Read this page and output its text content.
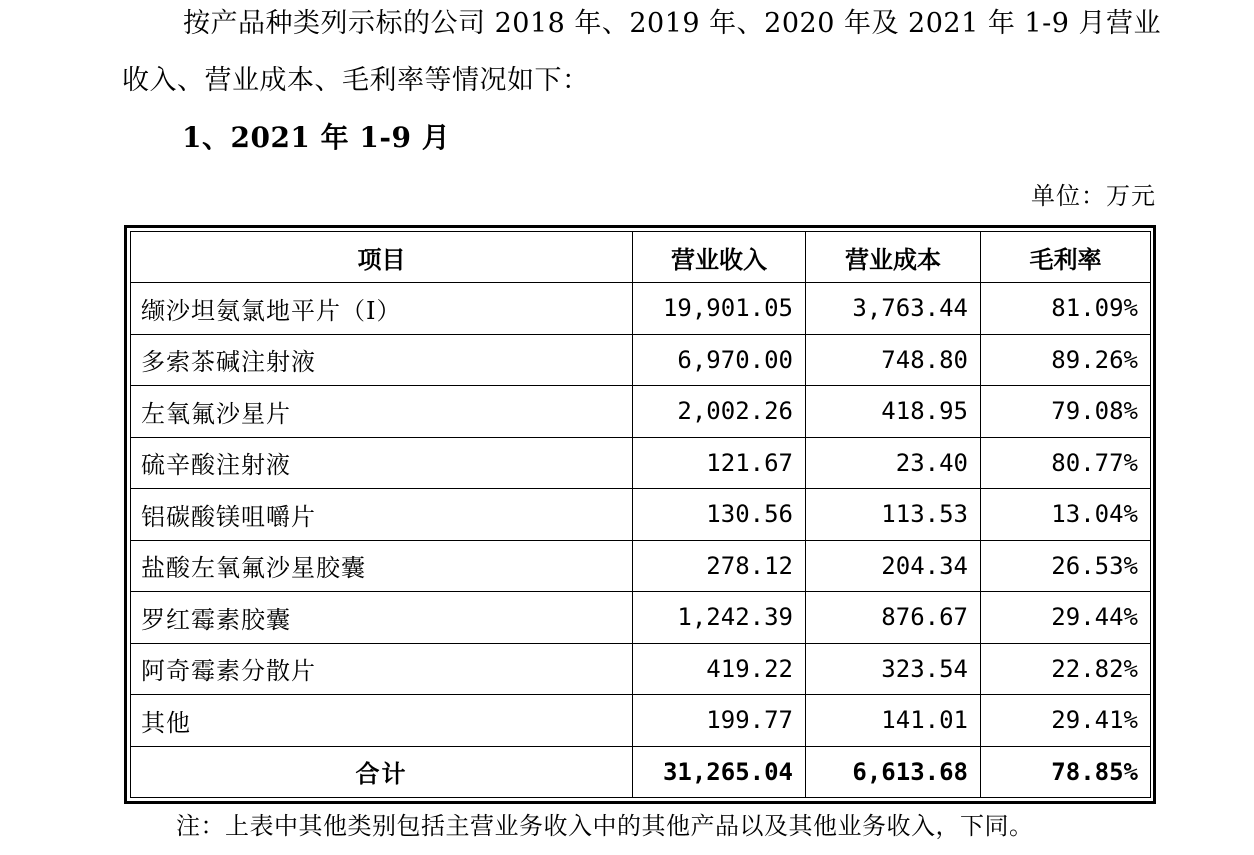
按产品种类列示标的公司 2018 年、2019 年、2020 年及 2021 年 1-9 月营业
收入、营业成本、毛利率等情况如下：
1、2021 年 1-9 月
单位：万元
项目	营业收入	营业成本	毛利率
缬沙坦氨氯地平片（I）	19,901.05	3,763.44	81.09%
多索茶碱注射液	6,970.00	748.80	89.26%
左氧氟沙星片	2,002.26	418.95	79.08%
硫辛酸注射液	121.67	23.40	80.77%
铝碳酸镁咀嚼片	130.56	113.53	13.04%
盐酸左氧氟沙星胶囊	278.12	204.34	26.53%
罗红霉素胶囊	1,242.39	876.67	29.44%
阿奇霉素分散片	419.22	323.54	22.82%
其他	199.77	141.01	29.41%
合计	31,265.04	6,613.68	78.85%
注：上表中其他类别包括主营业务收入中的其他产品以及其他业务收入，下同。
